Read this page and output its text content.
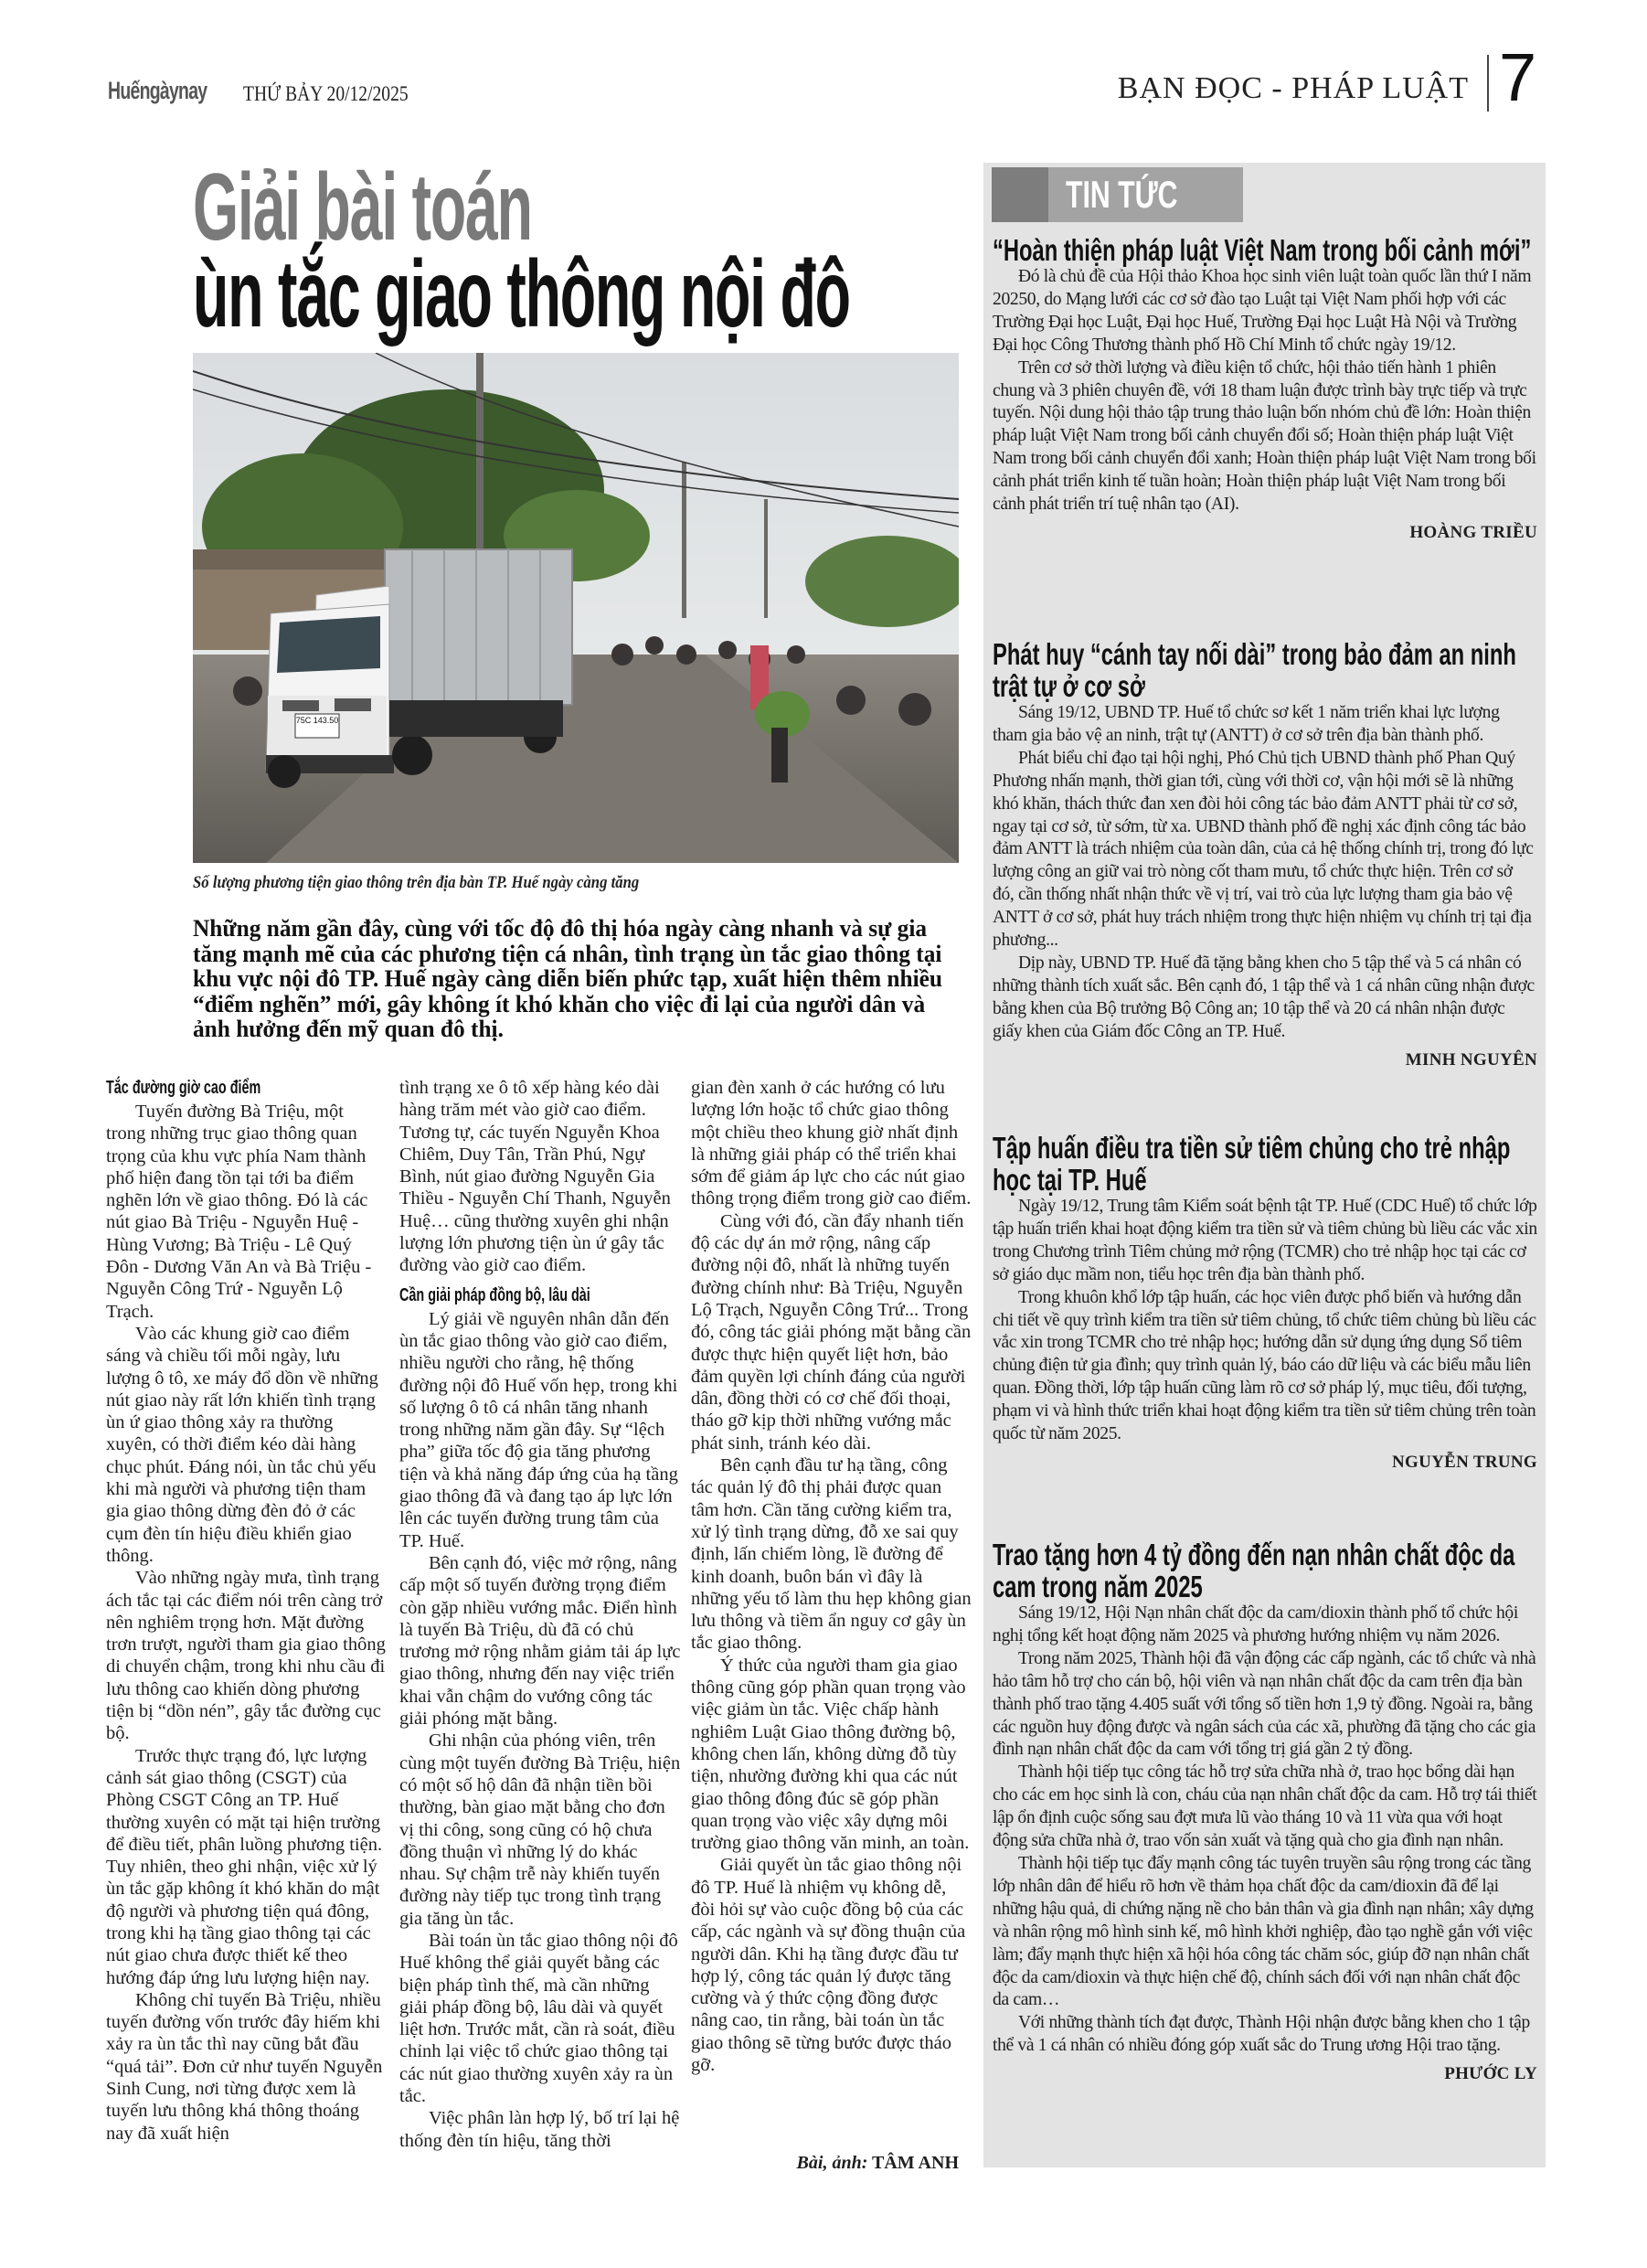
Huếngàynay THỨ BẢY 20/12/2025	BẠN ĐỌC - PHÁP LUẬT 7
Giải bài toán
ùn tắc giao thông nội đô
75C 143.50
Số lượng phương tiện giao thông trên địa bàn TP. Huế ngày càng tăng
Những năm gần đây, cùng với tốc độ đô thị hóa ngày càng nhanh và sự gia tăng mạnh mẽ của các phương tiện cá nhân, tình trạng ùn tắc giao thông tại khu vực nội đô TP. Huế ngày càng diễn biến phức tạp, xuất hiện thêm nhiều “điểm nghẽn” mới, gây không ít khó khăn cho việc đi lại của người dân và ảnh hưởng đến mỹ quan đô thị.
Tắc đường giờ cao điểm

Tuyến đường Bà Triệu, một trong những trục giao thông quan trọng của khu vực phía Nam thành phố hiện đang tồn tại tới ba điểm nghẽn lớn về giao thông. Đó là các nút giao Bà Triệu - Nguyễn Huệ - Hùng Vương; Bà Triệu - Lê Quý Đôn - Dương Văn An và Bà Triệu - Nguyễn Công Trứ - Nguyễn Lộ Trạch.

Vào các khung giờ cao điểm sáng và chiều tối mỗi ngày, lưu lượng ô tô, xe máy đổ dồn về những nút giao này rất lớn khiến tình trạng ùn ứ giao thông xảy ra thường xuyên, có thời điểm kéo dài hàng chục phút. Đáng nói, ùn tắc chủ yếu khi mà người và phương tiện tham gia giao thông dừng đèn đỏ ở các cụm đèn tín hiệu điều khiển giao thông.

Vào những ngày mưa, tình trạng ách tắc tại các điểm nói trên càng trở nên nghiêm trọng hơn. Mặt đường trơn trượt, người tham gia giao thông di chuyển chậm, trong khi nhu cầu đi lưu thông cao khiến dòng phương tiện bị “dồn nén”, gây tắc đường cục bộ.

Trước thực trạng đó, lực lượng cảnh sát giao thông (CSGT) của Phòng CSGT Công an TP. Huế thường xuyên có mặt tại hiện trường để điều tiết, phân luồng phương tiện. Tuy nhiên, theo ghi nhận, việc xử lý ùn tắc gặp không ít khó khăn do mật độ người và phương tiện quá đông, trong khi hạ tầng giao thông tại các nút giao chưa được thiết kế theo hướng đáp ứng lưu lượng hiện nay.

Không chỉ tuyến Bà Triệu, nhiều tuyến đường vốn trước đây hiếm khi xảy ra ùn tắc thì nay cũng bắt đầu “quá tải”. Đơn cử như tuyến Nguyễn Sinh Cung, nơi từng được xem là tuyến lưu thông khá thông thoáng nay đã xuất hiện

tình trạng xe ô tô xếp hàng kéo dài hàng trăm mét vào giờ cao điểm. Tương tự, các tuyến Nguyễn Khoa Chiêm, Duy Tân, Trần Phú, Ngự Bình, nút giao đường Nguyễn Gia Thiều - Nguyễn Chí Thanh, Nguyễn Huệ… cũng thường xuyên ghi nhận lượng lớn phương tiện ùn ứ gây tắc đường vào giờ cao điểm.

Cần giải pháp đồng bộ, lâu dài

Lý giải về nguyên nhân dẫn đến ùn tắc giao thông vào giờ cao điểm, nhiều người cho rằng, hệ thống đường nội đô Huế vốn hẹp, trong khi số lượng ô tô cá nhân tăng nhanh trong những năm gần đây. Sự “lệch pha” giữa tốc độ gia tăng phương tiện và khả năng đáp ứng của hạ tầng giao thông đã và đang tạo áp lực lớn lên các tuyến đường trung tâm của TP. Huế.

Bên cạnh đó, việc mở rộng, nâng cấp một số tuyến đường trọng điểm còn gặp nhiều vướng mắc. Điển hình là tuyến Bà Triệu, dù đã có chủ trương mở rộng nhằm giảm tải áp lực giao thông, nhưng đến nay việc triển khai vẫn chậm do vướng công tác giải phóng mặt bằng.

Ghi nhận của phóng viên, trên cùng một tuyến đường Bà Triệu, hiện có một số hộ dân đã nhận tiền bồi thường, bàn giao mặt bằng cho đơn vị thi công, song cũng có hộ chưa đồng thuận vì những lý do khác nhau. Sự chậm trễ này khiến tuyến đường này tiếp tục trong tình trạng gia tăng ùn tắc.

Bài toán ùn tắc giao thông nội đô Huế không thể giải quyết bằng các biện pháp tình thế, mà cần những giải pháp đồng bộ, lâu dài và quyết liệt hơn. Trước mắt, cần rà soát, điều chỉnh lại việc tổ chức giao thông tại các nút giao thường xuyên xảy ra ùn tắc.

Việc phân làn hợp lý, bố trí lại hệ thống đèn tín hiệu, tăng thời

gian đèn xanh ở các hướng có lưu lượng lớn hoặc tổ chức giao thông một chiều theo khung giờ nhất định là những giải pháp có thể triển khai sớm để giảm áp lực cho các nút giao thông trọng điểm trong giờ cao điểm.

Cùng với đó, cần đẩy nhanh tiến độ các dự án mở rộng, nâng cấp đường nội đô, nhất là những tuyến đường chính như: Bà Triệu, Nguyễn Lộ Trạch, Nguyễn Công Trứ... Trong đó, công tác giải phóng mặt bằng cần được thực hiện quyết liệt hơn, bảo đảm quyền lợi chính đáng của người dân, đồng thời có cơ chế đối thoại, tháo gỡ kịp thời những vướng mắc phát sinh, tránh kéo dài.

Bên cạnh đầu tư hạ tầng, công tác quản lý đô thị phải được quan tâm hơn. Cần tăng cường kiểm tra, xử lý tình trạng dừng, đỗ xe sai quy định, lấn chiếm lòng, lề đường để kinh doanh, buôn bán vì đây là những yếu tố làm thu hẹp không gian lưu thông và tiềm ẩn nguy cơ gây ùn tắc giao thông.

Ý thức của người tham gia giao thông cũng góp phần quan trọng vào việc giảm ùn tắc. Việc chấp hành nghiêm Luật Giao thông đường bộ, không chen lấn, không dừng đỗ tùy tiện, nhường đường khi qua các nút giao thông đông đúc sẽ góp phần quan trọng vào việc xây dựng môi trường giao thông văn minh, an toàn.

Giải quyết ùn tắc giao thông nội đô TP. Huế là nhiệm vụ không dễ, đòi hỏi sự vào cuộc đồng bộ của các cấp, các ngành và sự đồng thuận của người dân. Khi hạ tầng được đầu tư hợp lý, công tác quản lý được tăng cường và ý thức cộng đồng được nâng cao, tin rằng, bài toán ùn tắc giao thông sẽ từng bước được tháo gỡ.

Bài, ảnh: TÂM ANH
TIN TỨC
“Hoàn thiện pháp luật Việt Nam trong bối cảnh mới”

Đó là chủ đề của Hội thảo Khoa học sinh viên luật toàn quốc lần thứ I năm 20250, do Mạng lưới các cơ sở đào tạo Luật tại Việt Nam phối hợp với các Trường Đại học Luật, Đại học Huế, Trường Đại học Luật Hà Nội và Trường Đại học Công Thương thành phố Hồ Chí Minh tổ chức ngày 19/12.

Trên cơ sở thời lượng và điều kiện tổ chức, hội thảo tiến hành 1 phiên chung và 3 phiên chuyên đề, với 18 tham luận được trình bày trực tiếp và trực tuyến. Nội dung hội thảo tập trung thảo luận bốn nhóm chủ đề lớn: Hoàn thiện pháp luật Việt Nam trong bối cảnh chuyển đổi số; Hoàn thiện pháp luật Việt Nam trong bối cảnh chuyển đổi xanh; Hoàn thiện pháp luật Việt Nam trong bối cảnh phát triển kinh tế tuần hoàn; Hoàn thiện pháp luật Việt Nam trong bối cảnh phát triển trí tuệ nhân tạo (AI).

HOÀNG TRIỀU

Phát huy “cánh tay nối dài” trong bảo đảm an ninh trật tự ở cơ sở

Sáng 19/12, UBND TP. Huế tổ chức sơ kết 1 năm triển khai lực lượng tham gia bảo vệ an ninh, trật tự (ANTT) ở cơ sở trên địa bàn thành phố.

Phát biểu chỉ đạo tại hội nghị, Phó Chủ tịch UBND thành phố Phan Quý Phương nhấn mạnh, thời gian tới, cùng với thời cơ, vận hội mới sẽ là những khó khăn, thách thức đan xen đòi hỏi công tác bảo đảm ANTT phải từ cơ sở, ngay tại cơ sở, từ sớm, từ xa. UBND thành phố đề nghị xác định công tác bảo đảm ANTT là trách nhiệm của toàn dân, của cả hệ thống chính trị, trong đó lực lượng công an giữ vai trò nòng cốt tham mưu, tổ chức thực hiện. Trên cơ sở đó, cần thống nhất nhận thức về vị trí, vai trò của lực lượng tham gia bảo vệ ANTT ở cơ sở, phát huy trách nhiệm trong thực hiện nhiệm vụ chính trị tại địa phương...

Dịp này, UBND TP. Huế đã tặng bằng khen cho 5 tập thể và 5 cá nhân có những thành tích xuất sắc. Bên cạnh đó, 1 tập thể và 1 cá nhân cũng nhận được bằng khen của Bộ trưởng Bộ Công an; 10 tập thể và 20 cá nhân nhận được giấy khen của Giám đốc Công an TP. Huế.

MINH NGUYÊN

Tập huấn điều tra tiền sử tiêm chủng cho trẻ nhập học tại TP. Huế

Ngày 19/12, Trung tâm Kiểm soát bệnh tật TP. Huế (CDC Huế) tổ chức lớp tập huấn triển khai hoạt động kiểm tra tiền sử và tiêm chủng bù liều các vắc xin trong Chương trình Tiêm chủng mở rộng (TCMR) cho trẻ nhập học tại các cơ sở giáo dục mầm non, tiểu học trên địa bàn thành phố.

Trong khuôn khổ lớp tập huấn, các học viên được phổ biến và hướng dẫn chi tiết về quy trình kiểm tra tiền sử tiêm chủng, tổ chức tiêm chủng bù liều các vắc xin trong TCMR cho trẻ nhập học; hướng dẫn sử dụng ứng dụng Sổ tiêm chủng điện tử gia đình; quy trình quản lý, báo cáo dữ liệu và các biểu mẫu liên quan. Đồng thời, lớp tập huấn cũng làm rõ cơ sở pháp lý, mục tiêu, đối tượng, phạm vi và hình thức triển khai hoạt động kiểm tra tiền sử tiêm chủng trên toàn quốc từ năm 2025.

NGUYỄN TRUNG

Trao tặng hơn 4 tỷ đồng đến nạn nhân chất độc da cam trong năm 2025

Sáng 19/12, Hội Nạn nhân chất độc da cam/dioxin thành phố tổ chức hội nghị tổng kết hoạt động năm 2025 và phương hướng nhiệm vụ năm 2026.

Trong năm 2025, Thành hội đã vận động các cấp ngành, các tổ chức và nhà hảo tâm hỗ trợ cho cán bộ, hội viên và nạn nhân chất độc da cam trên địa bàn thành phố trao tặng 4.405 suất với tổng số tiền hơn 1,9 tỷ đồng. Ngoài ra, bằng các nguồn huy động được và ngân sách của các xã, phường đã tặng cho các gia đình nạn nhân chất độc da cam với tổng trị giá gần 2 tỷ đồng.

Thành hội tiếp tục công tác hỗ trợ sửa chữa nhà ở, trao học bổng dài hạn cho các em học sinh là con, cháu của nạn nhân chất độc da cam. Hỗ trợ tái thiết lập ổn định cuộc sống sau đợt mưa lũ vào tháng 10 và 11 vừa qua với hoạt động sửa chữa nhà ở, trao vốn sản xuất và tặng quà cho gia đình nạn nhân.

Thành hội tiếp tục đẩy mạnh công tác tuyên truyền sâu rộng trong các tầng lớp nhân dân để hiểu rõ hơn về thảm họa chất độc da cam/dioxin đã để lại những hậu quả, di chứng nặng nề cho bản thân và gia đình nạn nhân; xây dựng và nhân rộng mô hình sinh kế, mô hình khởi nghiệp, đào tạo nghề gắn với việc làm; đẩy mạnh thực hiện xã hội hóa công tác chăm sóc, giúp đỡ nạn nhân chất độc da cam/dioxin và thực hiện chế độ, chính sách đối với nạn nhân chất độc da cam…

Với những thành tích đạt được, Thành Hội nhận được bằng khen cho 1 tập thể và 1 cá nhân có nhiều đóng góp xuất sắc do Trung ương Hội trao tặng.

PHƯỚC LY
